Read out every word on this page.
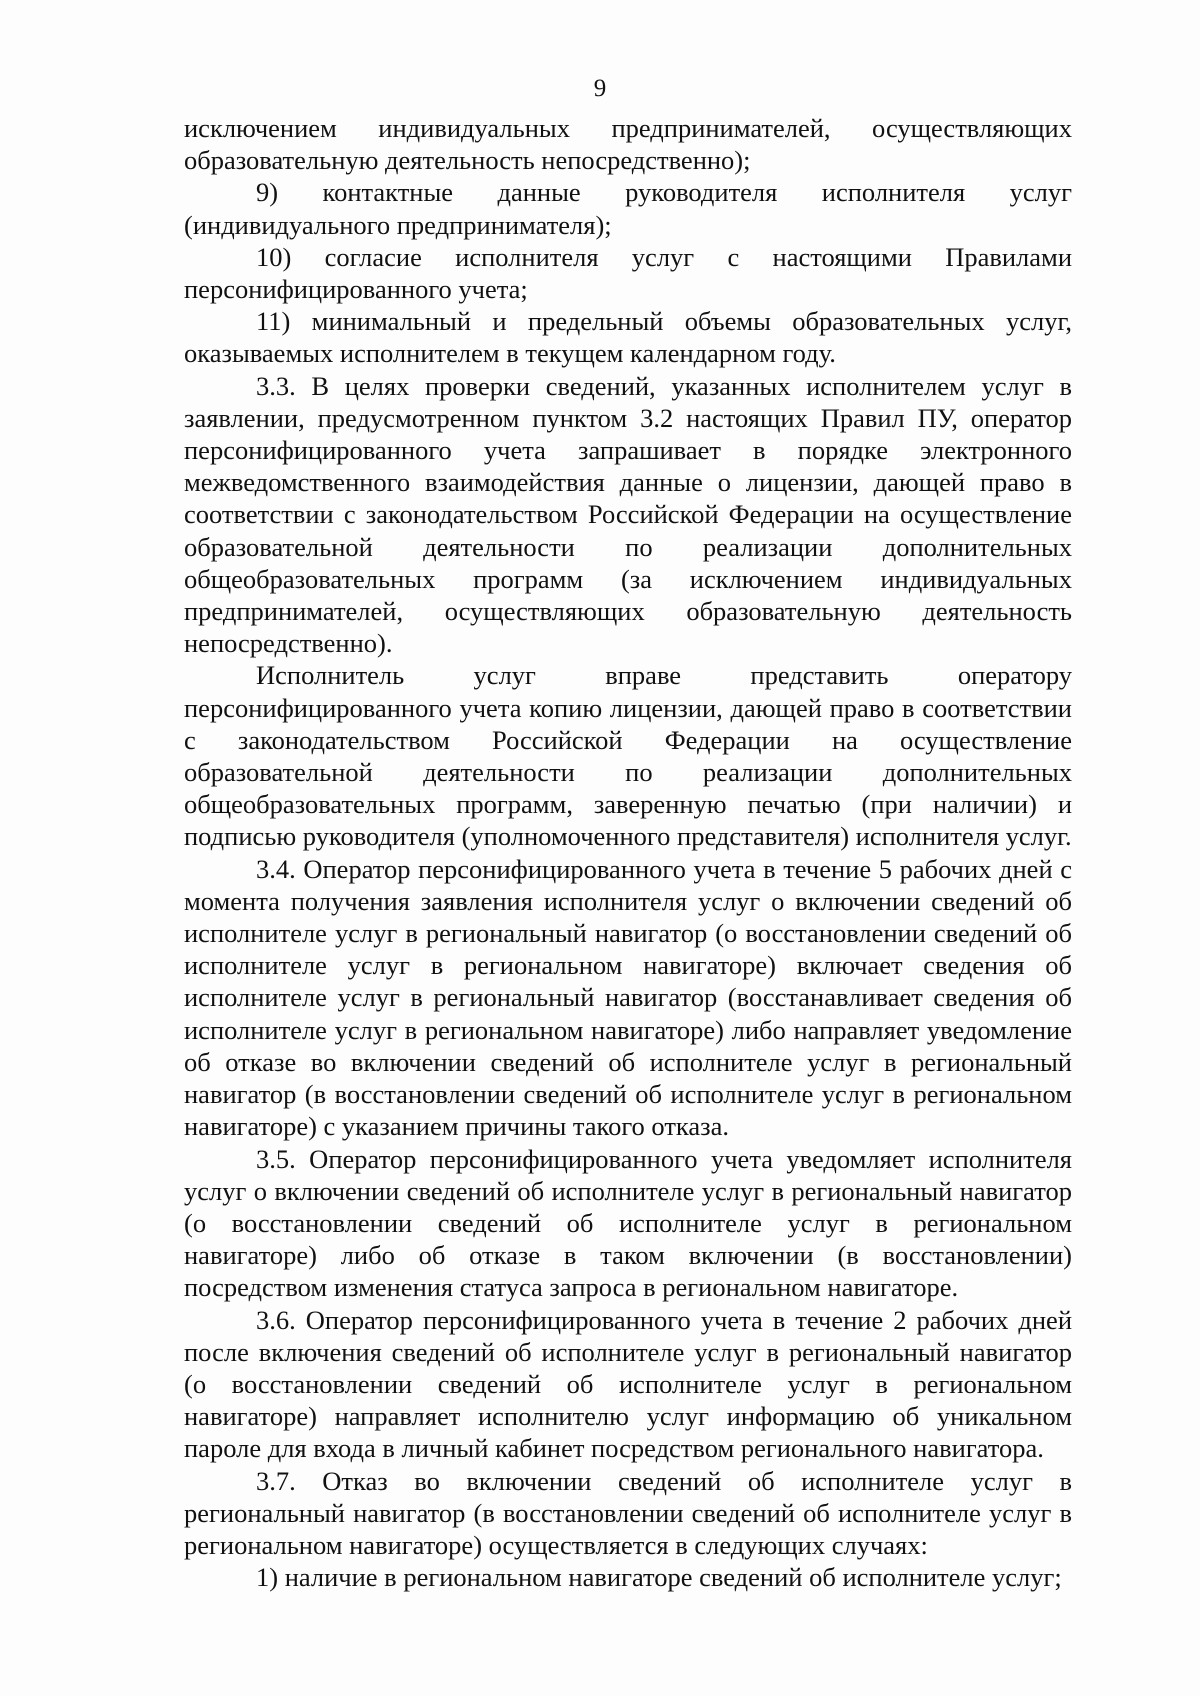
9

исключением индивидуальных предпринимателей, осуществляющих образовательную деятельность непосредственно);

9) контактные данные руководителя исполнителя услуг (индивидуального предпринимателя);

10) согласие исполнителя услуг с настоящими Правилами персонифицированного учета;

11) минимальный и предельный объемы образовательных услуг, оказываемых исполнителем в текущем календарном году.

3.3. В целях проверки сведений, указанных исполнителем услуг в заявлении, предусмотренном пунктом 3.2 настоящих Правил ПУ, оператор персонифицированного учета запрашивает в порядке электронного межведомственного взаимодействия данные о лицензии, дающей право в соответствии с законодательством Российской Федерации на осуществление образовательной деятельности по реализации дополнительных общеобразовательных программ (за исключением индивидуальных предпринимателей, осуществляющих образовательную деятельность непосредственно).

Исполнитель услуг вправе представить оператору персонифицированного учета копию лицензии, дающей право в соответствии с законодательством Российской Федерации на осуществление образовательной деятельности по реализации дополнительных общеобразовательных программ, заверенную печатью (при наличии) и подписью руководителя (уполномоченного представителя) исполнителя услуг.

3.4. Оператор персонифицированного учета в течение 5 рабочих дней с момента получения заявления исполнителя услуг о включении сведений об исполнителе услуг в региональный навигатор (о восстановлении сведений об исполнителе услуг в региональном навигаторе) включает сведения об исполнителе услуг в региональный навигатор (восстанавливает сведения об исполнителе услуг в региональном навигаторе) либо направляет уведомление об отказе во включении сведений об исполнителе услуг в региональный навигатор (в восстановлении сведений об исполнителе услуг в региональном навигаторе) с указанием причины такого отказа.

3.5. Оператор персонифицированного учета уведомляет исполнителя услуг о включении сведений об исполнителе услуг в региональный навигатор (о восстановлении сведений об исполнителе услуг в региональном навигаторе) либо об отказе в таком включении (в восстановлении) посредством изменения статуса запроса в региональном навигаторе.

3.6. Оператор персонифицированного учета в течение 2 рабочих дней после включения сведений об исполнителе услуг в региональный навигатор (о восстановлении сведений об исполнителе услуг в региональном навигаторе) направляет исполнителю услуг информацию об уникальном пароле для входа в личный кабинет посредством регионального навигатора.

3.7. Отказ во включении сведений об исполнителе услуг в региональный навигатор (в восстановлении сведений об исполнителе услуг в региональном навигаторе) осуществляется в следующих случаях:

1) наличие в региональном навигаторе сведений об исполнителе услуг;
